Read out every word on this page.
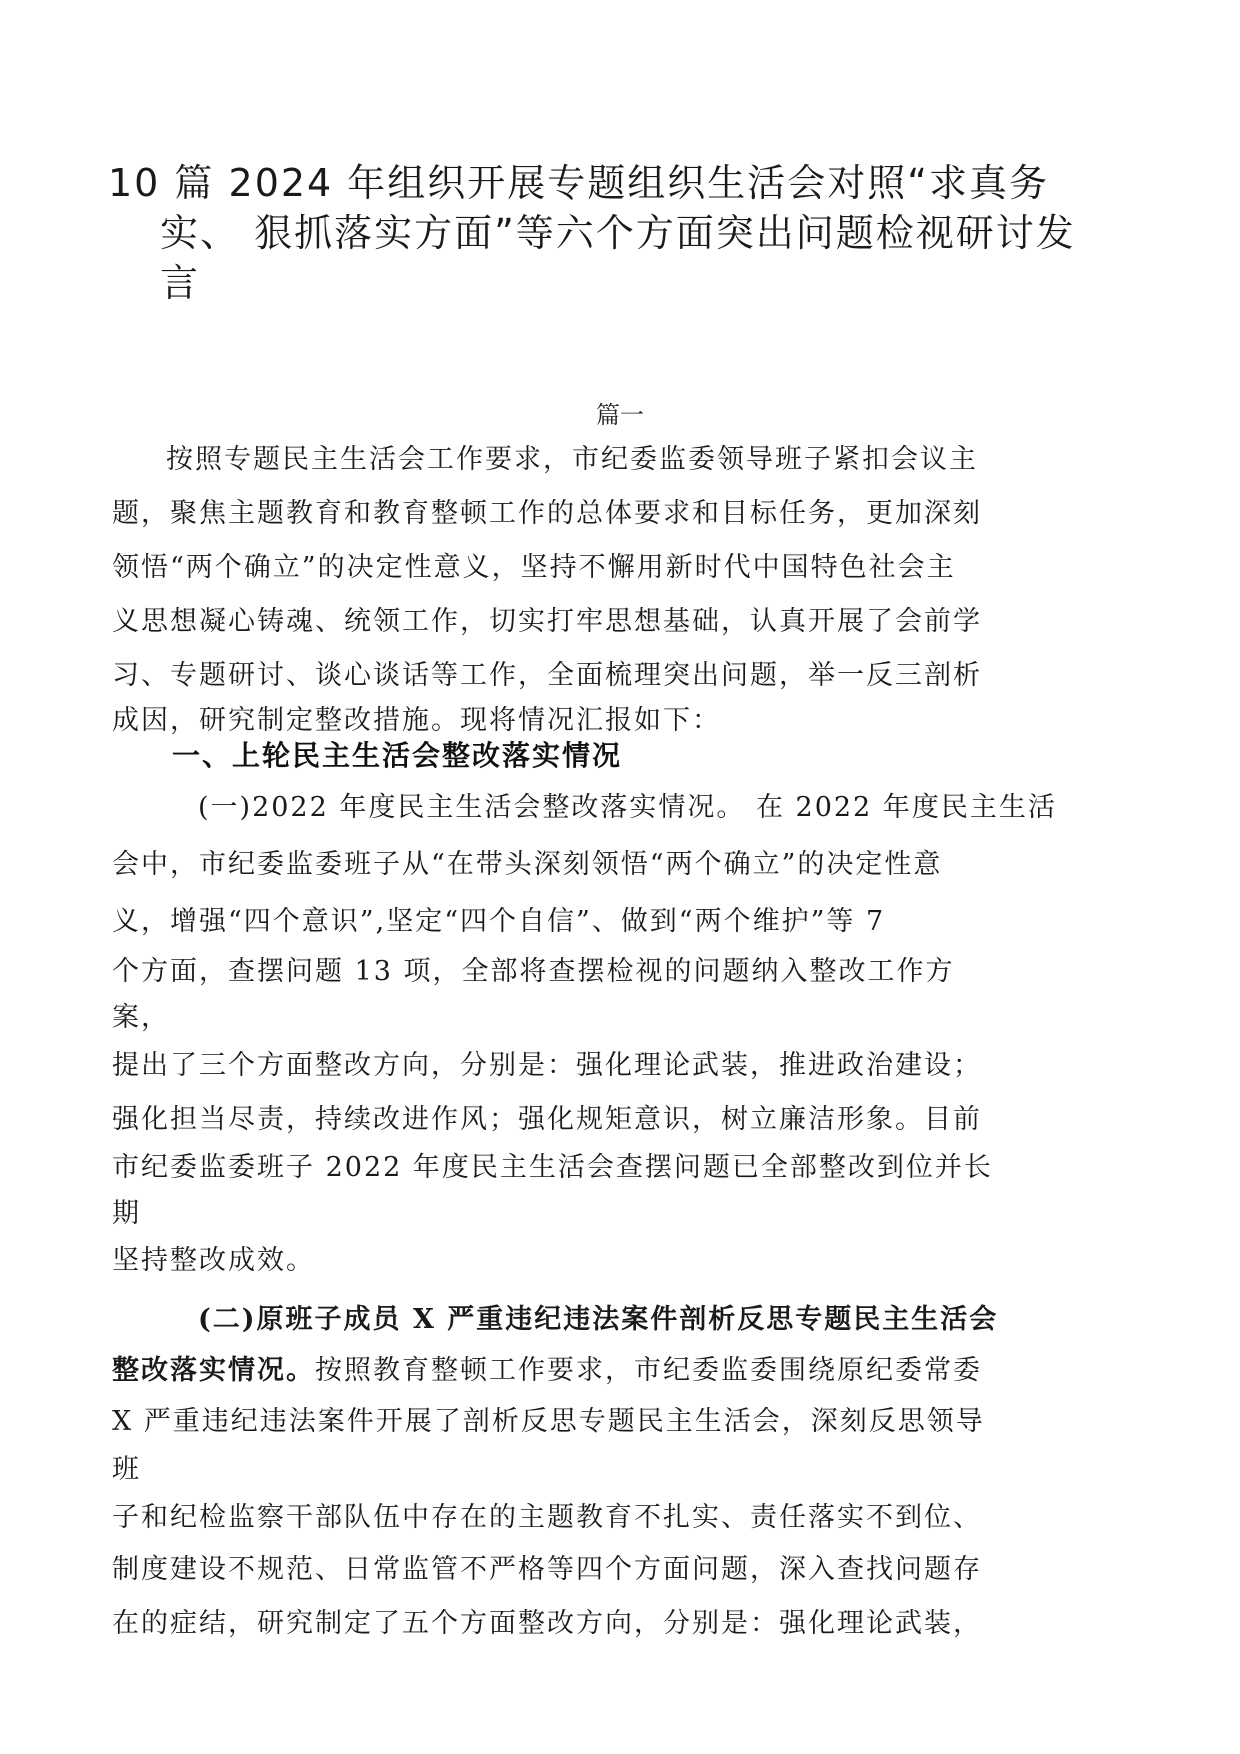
10 篇 2024 年组织开展专题组织生活会对照“求真务
实、 狠抓落实方面”等六个方面突出问题检视研讨发
言
篇一
按照专题民主生活会工作要求，市纪委监委领导班子紧扣会议主
题，聚焦主题教育和教育整顿工作的总体要求和目标任务，更加深刻
领悟“两个确立”的决定性意义，坚持不懈用新时代中国特色社会主
义思想凝心铸魂、统领工作，切实打牢思想基础，认真开展了会前学
习、专题研讨、谈心谈话等工作，全面梳理突出问题，举一反三剖析
成因，研究制定整改措施。现将情况汇报如下：
一、上轮民主生活会整改落实情况
(一)2022 年度民主生活会整改落实情况。 在 2022 年度民主生活
会中，市纪委监委班子从“在带头深刻领悟“两个确立”的决定性意
义，增强“四个意识”,坚定“四个自信”、做到“两个维护”等 7
个方面，查摆问题 13 项，全部将查摆检视的问题纳入整改工作方
案，
提出了三个方面整改方向，分别是：强化理论武装，推进政治建设；
强化担当尽责，持续改进作风；强化规矩意识，树立廉洁形象。目前
市纪委监委班子 2022 年度民主生活会查摆问题已全部整改到位并长
期
坚持整改成效。
(二)原班子成员 X 严重违纪违法案件剖析反思专题民主生活会
整改落实情况。按照教育整顿工作要求，市纪委监委围绕原纪委常委
X 严重违纪违法案件开展了剖析反思专题民主生活会，深刻反思领导
班
子和纪检监察干部队伍中存在的主题教育不扎实、责任落实不到位、
制度建设不规范、日常监管不严格等四个方面问题，深入查找问题存
在的症结，研究制定了五个方面整改方向，分别是：强化理论武装，
